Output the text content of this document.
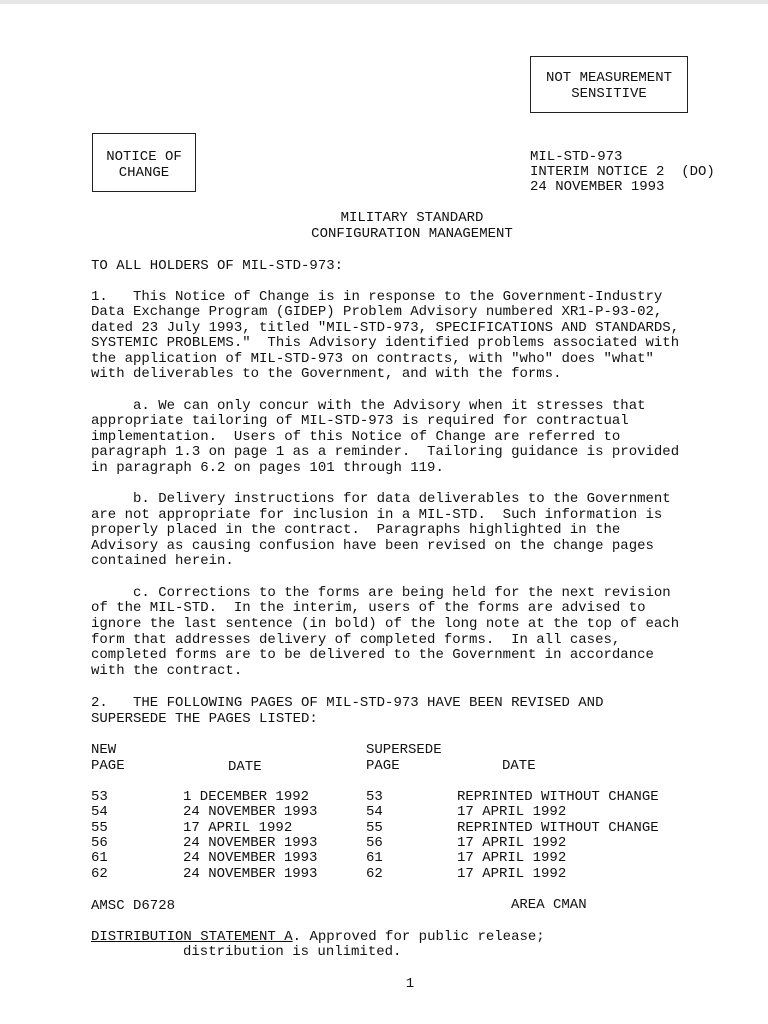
NOT MEASUREMENT
SENSITIVE
NOTICE OF
CHANGE
MIL-STD-973
INTERIM NOTICE 2  (DO)
24 NOVEMBER 1993
MILITARY STANDARD
CONFIGURATION MANAGEMENT
TO ALL HOLDERS OF MIL-STD-973:
1.   This Notice of Change is in response to the Government-Industry
Data Exchange Program (GIDEP) Problem Advisory numbered XR1-P-93-02,
dated 23 July 1993, titled "MIL-STD-973, SPECIFICATIONS AND STANDARDS,
SYSTEMIC PROBLEMS."  This Advisory identified problems associated with
the application of MIL-STD-973 on contracts, with "who" does "what"
with deliverables to the Government, and with the forms.
a. We can only concur with the Advisory when it stresses that
appropriate tailoring of MIL-STD-973 is required for contractual
implementation.  Users of this Notice of Change are referred to
paragraph 1.3 on page 1 as a reminder.  Tailoring guidance is provided
in paragraph 6.2 on pages 101 through 119.
b. Delivery instructions for data deliverables to the Government
are not appropriate for inclusion in a MIL-STD.  Such information is
properly placed in the contract.  Paragraphs highlighted in the
Advisory as causing confusion have been revised on the change pages
contained herein.
c. Corrections to the forms are being held for the next revision
of the MIL-STD.  In the interim, users of the forms are advised to
ignore the last sentence (in bold) of the long note at the top of each
form that addresses delivery of completed forms.  In all cases,
completed forms are to be delivered to the Government in accordance
with the contract.
2.   THE FOLLOWING PAGES OF MIL-STD-973 HAVE BEEN REVISED AND
SUPERSEDE THE PAGES LISTED:
NEW
PAGE	DATE
SUPERSEDE
PAGE	DATE
53	1 DECEMBER 1992	53	REPRINTED WITHOUT CHANGE
54	24 NOVEMBER 1993	54	17 APRIL 1992
55	17 APRIL 1992	55	REPRINTED WITHOUT CHANGE
56	24 NOVEMBER 1993	56	17 APRIL 1992
61	24 NOVEMBER 1993	61	17 APRIL 1992
62	24 NOVEMBER 1993	62	17 APRIL 1992
AMSC D6728	AREA CMAN
DISTRIBUTION STATEMENT A. Approved for public release;
distribution is unlimited.
1
